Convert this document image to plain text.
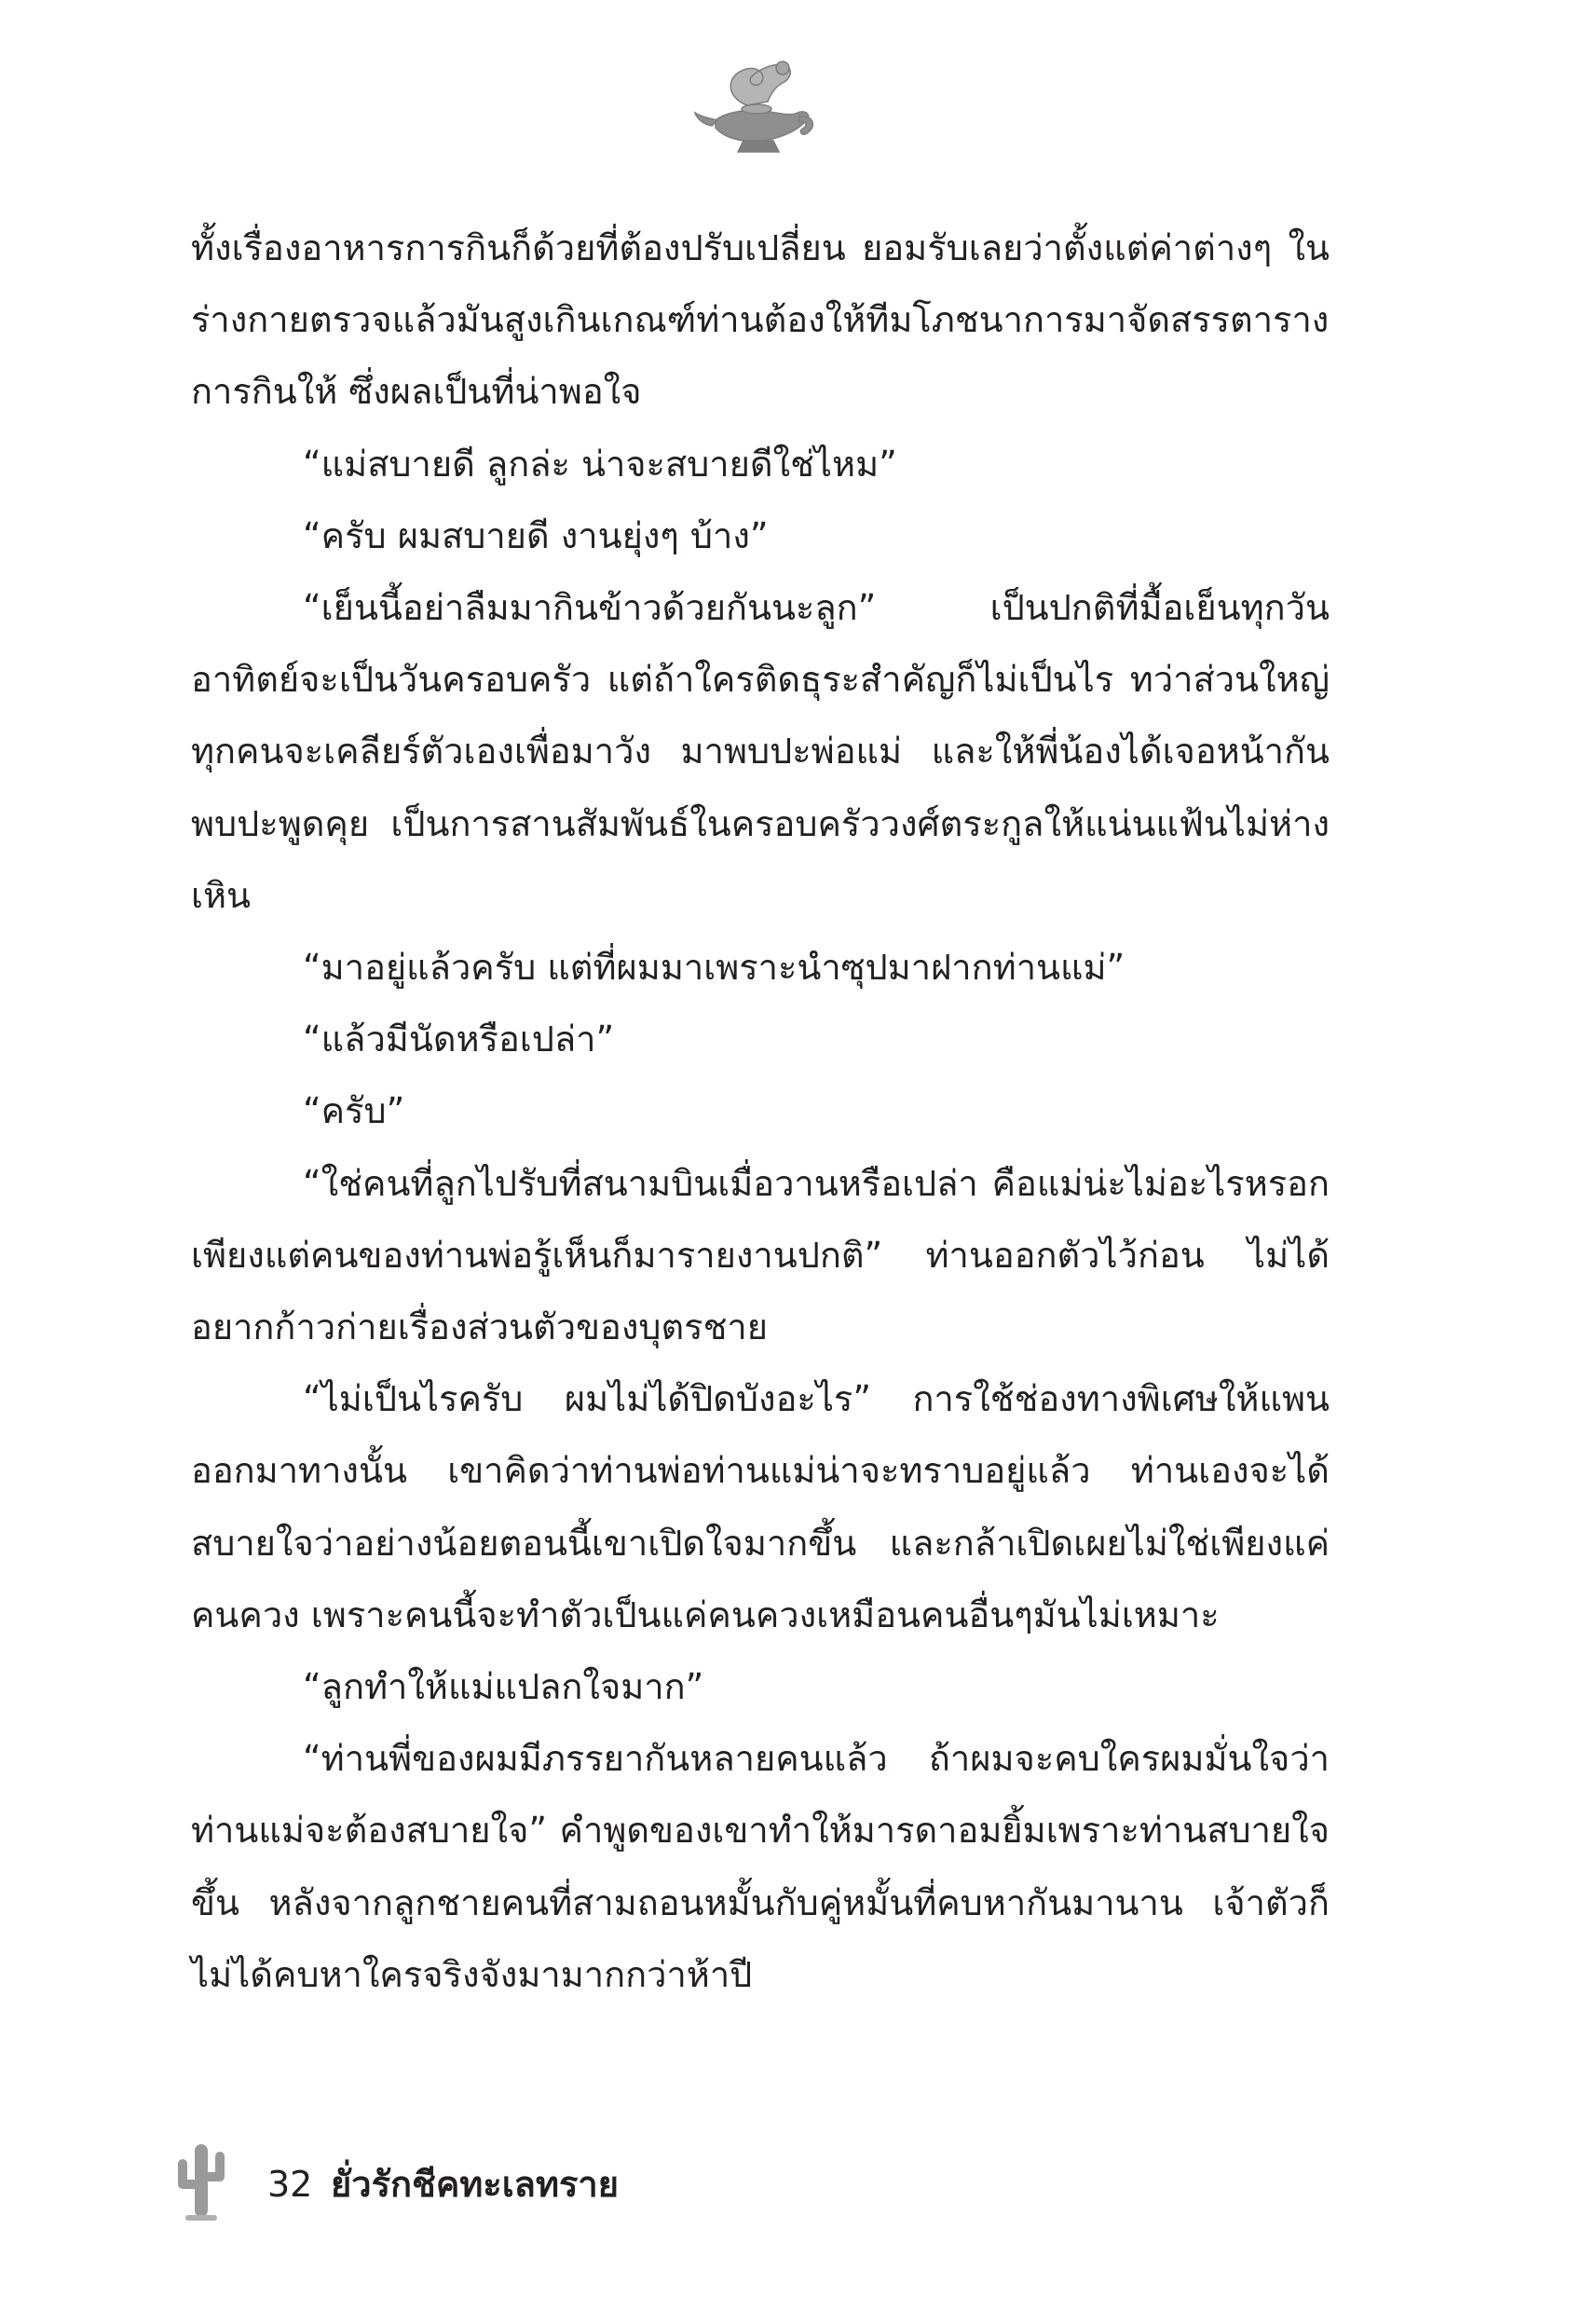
ทั้งเรื่องอาหารการกินก็ด้วยที่ต้องปรับเปลี่ยน ยอมรับเลยว่าตั้งแต่ค่าต่างๆ ในร่างกายตรวจแล้วมันสูงเกินเกณฑ์ท่านต้องให้ทีมโภชนาการมาจัดสรรตารางการกินให้ ซึ่งผลเป็นที่น่าพอใจ

“แม่สบายดี ลูกล่ะ น่าจะสบายดีใช่ไหม”

“ครับ ผมสบายดี งานยุ่งๆ บ้าง”

“เย็นนี้อย่าลืมมากินข้าวด้วยกันนะลูก” เป็นปกติที่มื้อเย็นทุกวันอาทิตย์จะเป็นวันครอบครัว แต่ถ้าใครติดธุระสำคัญก็ไม่เป็นไร ทว่าส่วนใหญ่ทุกคนจะเคลียร์ตัวเองเพื่อมาวัง มาพบปะพ่อแม่ และให้พี่น้องได้เจอหน้ากันพบปะพูดคุย เป็นการสานสัมพันธ์ในครอบครัววงศ์ตระกูลให้แน่นแฟ้นไม่ห่างเหิน

“มาอยู่แล้วครับ แต่ที่ผมมาเพราะนำซุปมาฝากท่านแม่”

“แล้วมีนัดหรือเปล่า”

“ครับ”

“ใช่คนที่ลูกไปรับที่สนามบินเมื่อวานหรือเปล่า คือแม่น่ะไม่อะไรหรอก เพียงแต่คนของท่านพ่อรู้เห็นก็มารายงานปกติ” ท่านออกตัวไว้ก่อน ไม่ได้อยากก้าวก่ายเรื่องส่วนตัวของบุตรชาย

“ไม่เป็นไรครับ ผมไม่ได้ปิดบังอะไร” การใช้ช่องทางพิเศษให้แพนออกมาทางนั้น เขาคิดว่าท่านพ่อท่านแม่น่าจะทราบอยู่แล้ว ท่านเองจะได้สบายใจว่าอย่างน้อยตอนนี้เขาเปิดใจมากขึ้น และกล้าเปิดเผยไม่ใช่เพียงแค่คนควง เพราะคนนี้จะทำตัวเป็นแค่คนควงเหมือนคนอื่นๆมันไม่เหมาะ

“ลูกทำให้แม่แปลกใจมาก”

“ท่านพี่ของผมมีภรรยากันหลายคนแล้ว ถ้าผมจะคบใครผมมั่นใจว่าท่านแม่จะต้องสบายใจ” คำพูดของเขาทำให้มารดาอมยิ้มเพราะท่านสบายใจขึ้น หลังจากลูกชายคนที่สามถอนหมั้นกับคู่หมั้นที่คบหากันมานาน เจ้าตัวก็ไม่ได้คบหาใครจริงจังมามากกว่าห้าปี

32 ยั่วรักชีคทะเลทราย
